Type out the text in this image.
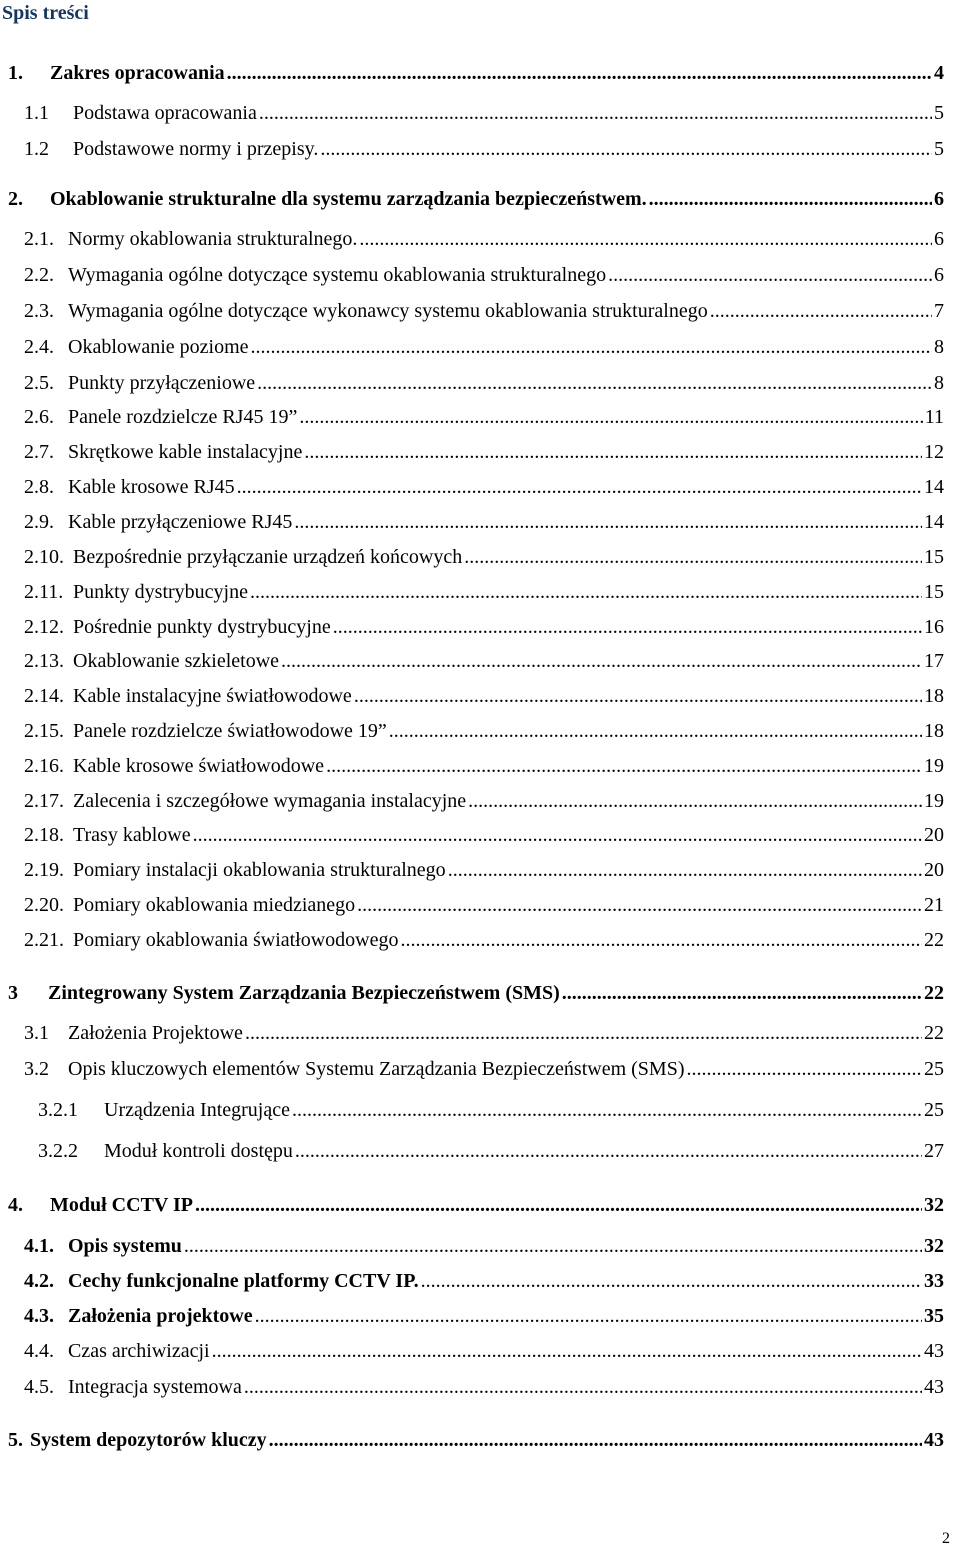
Spis treści
1.	Zakres opracowania .....	4
1.1	Podstawa opracowania .....	5
1.2	Podstawowe normy i przepisy. .....	5
2.	Okablowanie strukturalne dla systemu zarządzania bezpieczeństwem. .....	6
2.1. Normy okablowania strukturalnego. .....	6
2.2. Wymagania ogólne dotyczące systemu okablowania strukturalnego .....	6
2.3. Wymagania ogólne dotyczące wykonawcy systemu okablowania strukturalnego .....	7
2.4. Okablowanie poziome .....	8
2.5. Punkty przyłączeniowe .....	8
2.6. Panele rozdzielcze RJ45 19” .....	11
2.7. Skrętkowe kable instalacyjne .....	12
2.8. Kable krosowe RJ45 .....	14
2.9. Kable przyłączeniowe RJ45 .....	14
2.10. Bezpośrednie przyłączanie urządzeń końcowych .....	15
2.11. Punkty dystrybucyjne .....	15
2.12. Pośrednie punkty dystrybucyjne .....	16
2.13. Okablowanie szkieletowe .....	17
2.14. Kable instalacyjne światłowodowe .....	18
2.15. Panele rozdzielcze światłowodowe 19” .....	18
2.16. Kable krosowe światłowodowe .....	19
2.17. Zalecenia i szczegółowe wymagania instalacyjne .....	19
2.18. Trasy kablowe .....	20
2.19. Pomiary instalacji okablowania strukturalnego .....	20
2.20. Pomiary okablowania miedzianego .....	21
2.21. Pomiary okablowania światłowodowego .....	22
3	Zintegrowany System Zarządzania Bezpieczeństwem (SMS) .....	22
3.1 Założenia Projektowe .....	22
3.2 Opis kluczowych elementów Systemu Zarządzania Bezpieczeństwem (SMS) .....	25
3.2.1	Urządzenia Integrujące .....	25
3.2.2	Moduł kontroli dostępu .....	27
4.	Moduł CCTV IP .....	32
4.1. Opis systemu .....	32
4.2. Cechy funkcjonalne platformy CCTV IP. .....	33
4.3. Założenia projektowe .....	35
4.4. Czas archiwizacji .....	43
4.5. Integracja systemowa .....	43
5. System depozytorów kluczy .....	43
2
